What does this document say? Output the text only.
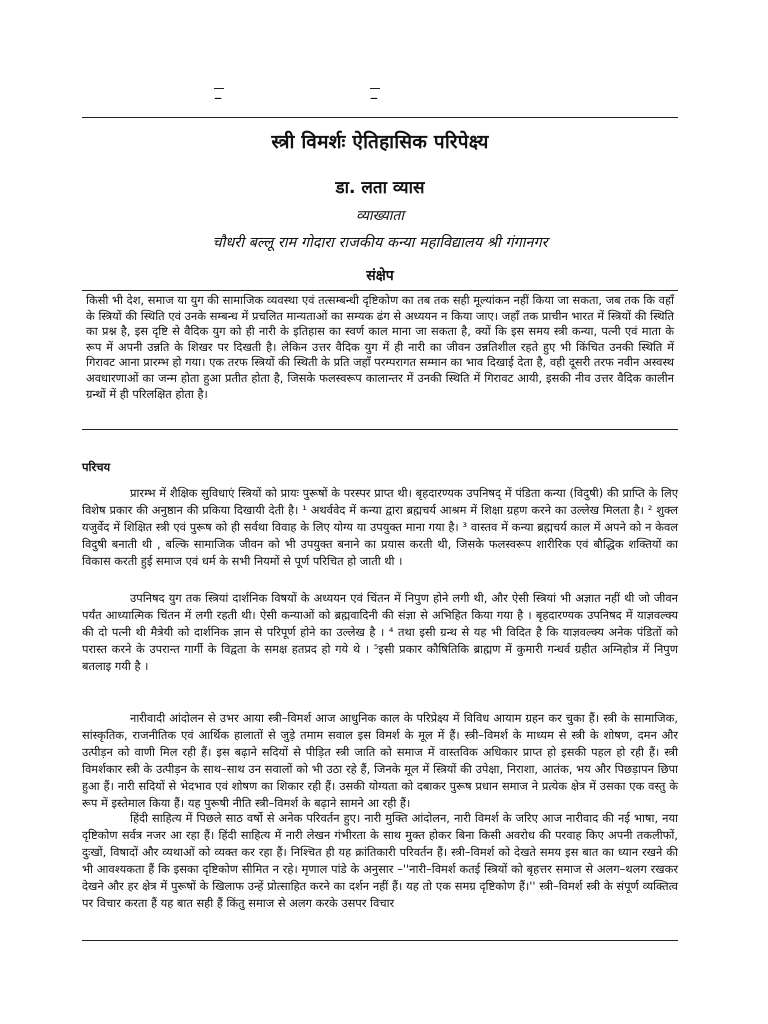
–	–
स्त्री विमर्शः ऐतिहासिक परिपेक्ष्य
डा. लता व्यास
व्याख्याता
चौधरी बल्लू राम गोदारा राजकीय कन्या महाविद्यालय श्री गंगानगर
संक्षेप

किसी भी देश, समाज या युग की सामाजिक व्यवस्था एवं तत्सम्बन्धी दृष्टिकोण का तब तक सही मूल्यांकन नहीं किया जा सकता, जब तक कि वहाँ के स्त्रियों की स्थिति एवं उनके सम्बन्ध में प्रचलित मान्यताओं का सम्यक ढंग से अध्ययन न किया जाए। जहाँ तक प्राचीन भारत में स्त्रियों की स्थिति का प्रश्न है, इस दृष्टि से वैदिक युग को ही नारी के इतिहास का स्वर्ण काल माना जा सकता है, क्यों कि इस समय स्त्री कन्या, पत्नी एवं माता के रूप में अपनी उन्नति के शिखर पर दिखती है। लेकिन उत्तर वैदिक युग में ही नारी का जीवन उन्नतिशील रहते हुए भी किंचित उनकी स्थिति में गिरावट आना प्रारम्भ हो गया। एक तरफ स्त्रियों की स्थिती के प्रति जहाँ परम्परागत सम्मान का भाव दिखाई देता है, वही दूसरी तरफ नवीन अस्वस्थ अवधारणाओं का जन्म होता हुआ प्रतीत होता है, जिसके फलस्वरूप कालान्तर में उनकी स्थिति में गिरावट आयी, इसकी नीव उत्तर वैदिक कालीन ग्रन्थों में ही परिलक्षित होता है।

परिचय

प्रारम्भ में शैक्षिक सुविधाएं स्त्रियों को प्रायः पुरूषों के परस्पर प्राप्त थी। बृहदारण्यक उपनिषद् में पंडिता कन्या (विदुषी) की प्राप्ति के लिए विशेष प्रकार की अनुष्ठान की प्रकिया दिखायी देती है। ¹ अथर्ववेद में कन्या द्वारा ब्रह्मचर्य आश्रम में शिक्षा ग्रहण करने का उल्लेख मिलता है। ² शुक्ल यजुर्वेद में शिक्षित स्त्री एवं पुरूष को ही सर्वथा विवाह के लिए योग्य या उपयुक्त माना गया है। ³ वास्तव में कन्या ब्रह्मचर्य काल में अपने को न केवल विदुषी बनाती थी , बल्कि सामाजिक जीवन को भी उपयुक्त बनाने का प्रयास करती थी, जिसके फलस्वरूप शारीरिक एवं बौद्धिक शक्तियों का विकास करती हुई समाज एवं धर्म के सभी नियमों से पूर्ण परिचित हो जाती थी ।

उपनिषद युग तक स्त्रियां दार्शनिक विषयों के अध्ययन एवं चिंतन में निपुण होने लगी थी, और ऐसी स्त्रियां भी अज्ञात नहीं थी जो जीवन पर्यंत आध्यात्मिक चिंतन में लगी रहती थी। ऐसी कन्याओं को ब्रह्मवादिनी की संज्ञा से अभिहित किया गया है । बृहदारण्यक उपनिषद में याज्ञवल्क्य की दो पत्नी थी मैत्रेयी को दार्शनिक ज्ञान से परिपूर्ण होने का उल्लेख है । ⁴ तथा इसी ग्रन्थ से यह भी विदित है कि याज्ञवल्क्य अनेक पंडितों को परास्त करने के उपरान्त गार्गी के विद्वता के समक्ष हतप्रद हो गये थे । ⁵इसी प्रकार कौषितिकि ब्राह्मण में कुमारी गन्धर्व ग्रहीत अग्निहोत्र में निपुण बतलाइ गयी है ।

नारीवादी आंदोलन से उभर आया स्त्री–विमर्श आज आधुनिक काल के परिप्रेक्ष्य में विविध आयाम ग्रहन कर चुका हैं। स्त्री के सामाजिक, सांस्कृतिक, राजनीतिक एवं आर्थिक हालातों से जुड़े तमाम सवाल इस विमर्श के मूल में हैं। स्त्री–विमर्श के माध्यम से स्त्री के शोषण, दमन और उत्पीड़न को वाणी मिल रही हैं। इस बढ़ाने सदियों से पीड़ित स्त्री जाति को समाज में वास्तविक अधिकार प्राप्त हो इसकी पहल हो रही हैं। स्त्री विमर्शकार स्त्री के उत्पीड़न के साथ–साथ उन सवालों को भी उठा रहे हैं, जिनके मूल में स्त्रियों की उपेक्षा, निराशा, आतंक, भय और पिछड़ापन छिपा हुआ हैं। नारी सदियों से भेदभाव एवं शोषण का शिकार रही हैं। उसकी योग्यता को दबाकर पुरूष प्रधान समाज ने प्रत्येक क्षेत्र में उसका एक वस्तु के रूप में इस्तेमाल किया हैं। यह पुरूषी नीति स्त्री–विमर्श के बढ़ाने सामने आ रही हैं।

हिंदी साहित्य में पिछले साठ वर्षो से अनेक परिवर्तन हुए। नारी मुक्ति आंदोलन, नारी विमर्श के जरिए आज नारीवाद की नई भाषा, नया दृष्टिकोण सर्वत्र नजर आ रहा हैं। हिंदी साहित्य में नारी लेखन गंभीरता के साथ मुक्त होकर बिना किसी अवरोध की परवाह किए अपनी तकलीफों, दुःखों, विषादों और व्यथाओं को व्यक्त कर रहा हैं। निश्चित ही यह क्रांतिकारी परिवर्तन हैं। स्त्री–विमर्श को देखते समय इस बात का ध्यान रखने की भी आवश्यकता हैं कि इसका दृष्टिकोण सीमित न रहे। मृणाल पांडे के अनुसार –''नारी–विमर्श कतई स्त्रियों को बृहत्तर समाज से अलग–थलग रखकर देखने और हर क्षेत्र में पुरूषों के खिलाफ उन्हें प्रोत्साहित करने का दर्शन नहीं हैं। यह तो एक समग्र दृष्टिकोण हैं।'' स्त्री–विमर्श स्त्री के संपूर्ण व्यक्तित्व पर विचार करता हैं यह बात सही हैं किंतु समाज से अलग करके उसपर विचार
